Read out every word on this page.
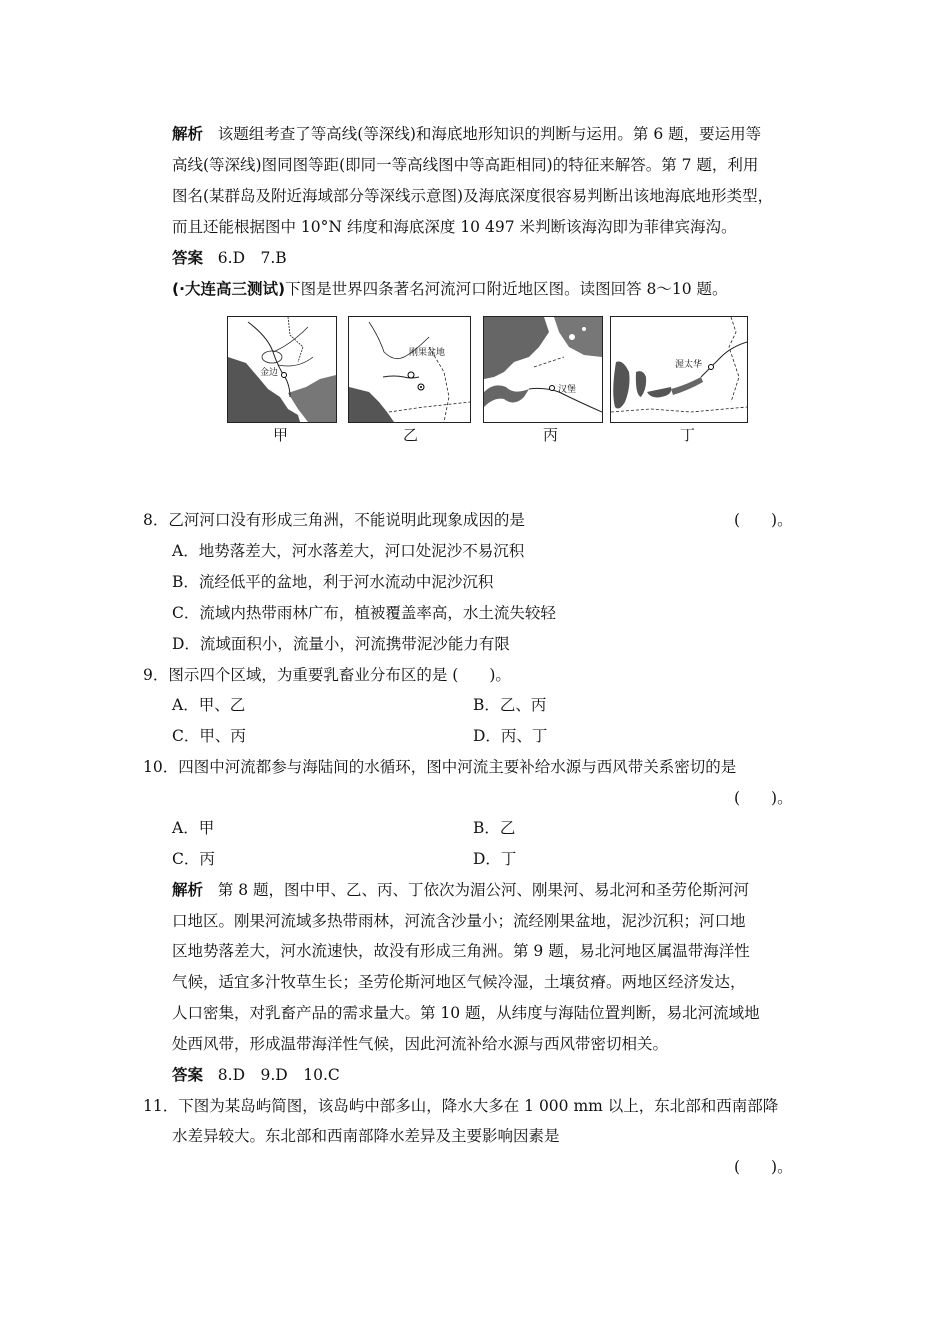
解析 该题组考查了等高线(等深线)和海底地形知识的判断与运用。第 6 题，要运用等
高线(等深线)图同图等距(即同一等高线图中等高距相同)的特征来解答。第 7 题，利用
图名(某群岛及附近海域部分等深线示意图)及海底深度很容易判断出该地海底地形类型，
而且还能根据图中 10°N 纬度和海底深度 10 497 米判断该海沟即为菲律宾海沟。
答案 6.D　7.B
(·大连高三测试)下图是世界四条著名河流河口附近地区图。读图回答 8～10 题。
金边
刚果盆地
汉堡
渥太华
甲	乙	丙	丁
8．乙河河口没有形成三角洲，不能说明此现象成因的是	(　　)。
A．地势落差大，河水落差大，河口处泥沙不易沉积
B．流经低平的盆地，利于河水流动中泥沙沉积
C．流域内热带雨林广布，植被覆盖率高，水土流失较轻
D．流域面积小，流量小，河流携带泥沙能力有限
9．图示四个区域，为重要乳畜业分布区的是 (　　)。
A．甲、乙	B．乙、丙
C．甲、丙	D．丙、丁
10．四图中河流都参与海陆间的水循环，图中河流主要补给水源与西风带关系密切的是
(　　)。
A．甲	B．乙
C．丙	D．丁
解析 第 8 题，图中甲、乙、丙、丁依次为湄公河、刚果河、易北河和圣劳伦斯河河
口地区。刚果河流域多热带雨林，河流含沙量小；流经刚果盆地，泥沙沉积；河口地
区地势落差大，河水流速快，故没有形成三角洲。第 9 题，易北河地区属温带海洋性
气候，适宜多汁牧草生长；圣劳伦斯河地区气候冷湿，土壤贫瘠。两地区经济发达，
人口密集，对乳畜产品的需求量大。第 10 题，从纬度与海陆位置判断，易北河流域地
处西风带，形成温带海洋性气候，因此河流补给水源与西风带密切相关。
答案 8.D　9.D　10.C
11．下图为某岛屿简图，该岛屿中部多山，降水大多在 1 000 mm 以上，东北部和西南部降
水差异较大。东北部和西南部降水差异及主要影响因素是
(　　)。
